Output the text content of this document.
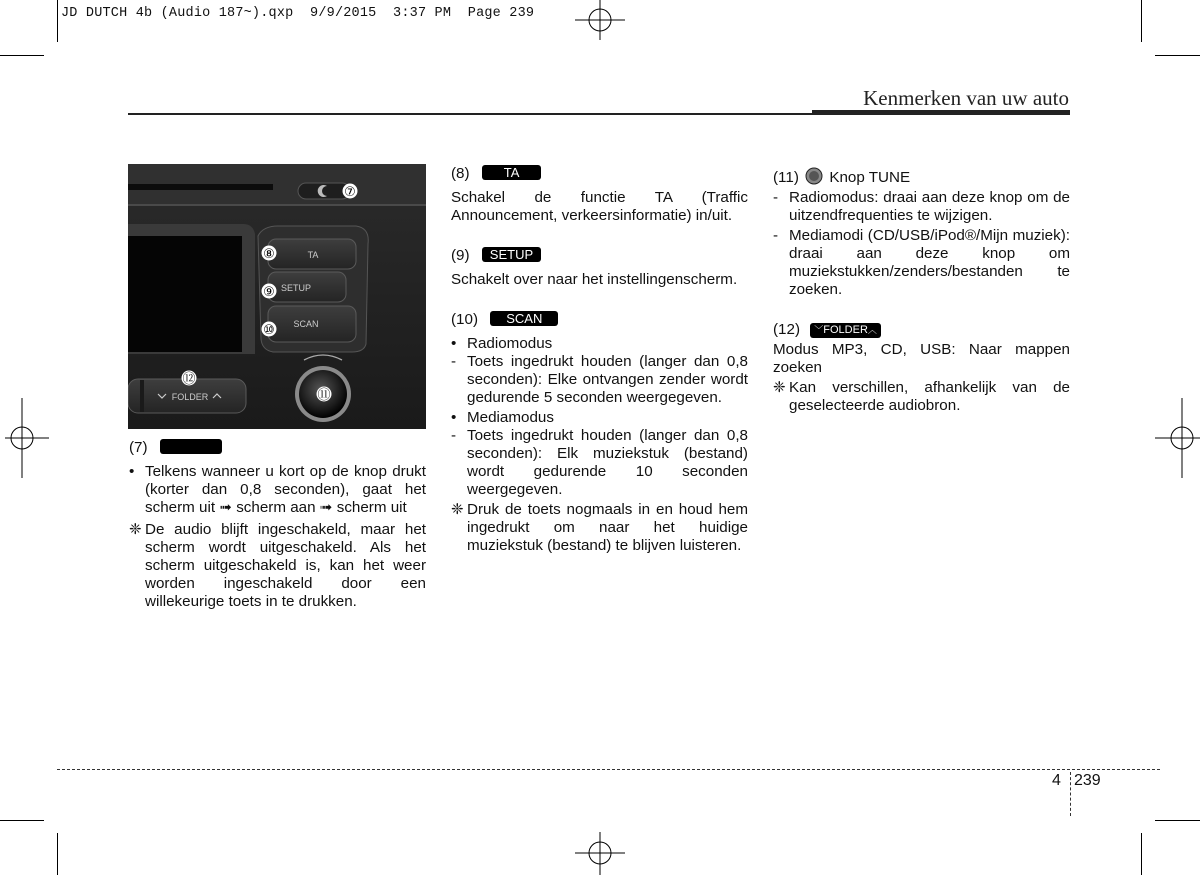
JD DUTCH 4b (Audio 187~).qxp  9/9/2015  3:37 PM  Page 239
Kenmerken van uw auto
TA
SETUP
SCAN
FOLDER
⑦
⑧
⑨
⑩
⑪
⑫
(7)
• Telkens wanneer u kort op de knop drukt (korter dan 0,8 seconden), gaat het scherm uit ➟ scherm aan ➟ scherm uit
❈ De audio blijft ingeschakeld, maar het scherm wordt uitgeschakeld. Als het scherm uitgeschakeld is, kan het weer worden ingeschakeld door een willekeurige toets in te drukken.
(8)	TA

Schakel de functie TA (Traffic Announcement, verkeersinformatie) in/uit.

(9) SETUP

Schakelt over naar het instellingenscherm.

(10) SCAN
• Radiomodus
- Toets ingedrukt houden (langer dan 0,8 seconden): Elke ontvangen zender wordt gedurende 5 seconden weergegeven.
• Mediamodus
- Toets ingedrukt houden (langer dan 0,8 seconden): Elk muziekstuk (bestand) wordt gedurende 10 seconden weergegeven.
❈ Druk de toets nogmaals in en houd hem ingedrukt om naar het huidige muziekstuk (bestand) te blijven luisteren.
(11) Knop TUNE
- Radiomodus: draai aan deze knop om de uitzendfrequenties te wijzigen.
- Mediamodi (CD/USB/iPod®/Mijn muziek): draai aan deze knop om muziekstukken/zenders/bestanden te zoeken.
(12) ﹀FOLDER︿

Modus MP3, CD, USB: Naar mappen zoeken

❈ Kan verschillen, afhankelijk van de geselecteerde audiobron.
4 239
